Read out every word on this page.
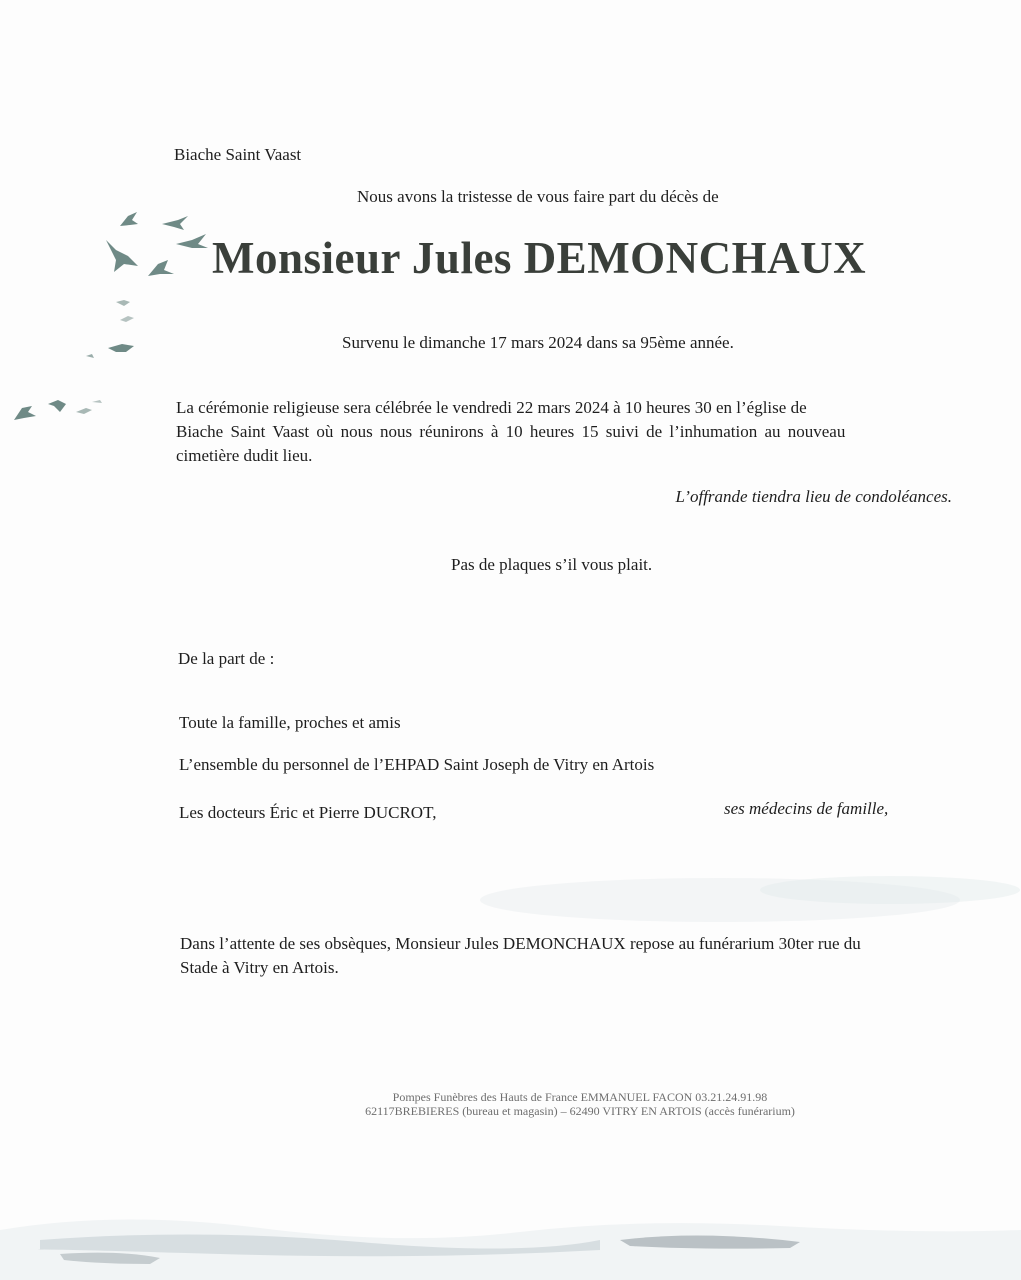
Biache Saint Vaast
Nous avons la tristesse de vous faire part du décès de
Monsieur Jules DEMONCHAUX
Survenu le dimanche 17 mars 2024 dans sa 95ème année.
La cérémonie religieuse sera célébrée le vendredi 22 mars 2024 à 10 heures 30 en l’église de
Biache Saint Vaast où nous nous réunirons à 10 heures 15 suivi de l’inhumation au nouveau
cimetière dudit lieu.
L’offrande tiendra lieu de condoléances.
Pas de plaques s’il vous plait.
De la part de :
Toute la famille, proches et amis
L’ensemble du personnel de l’EHPAD Saint Joseph de Vitry en Artois
Les docteurs Éric et Pierre DUCROT,	ses médecins de famille,
Dans l’attente de ses obsèques, Monsieur Jules DEMONCHAUX repose au funérarium 30ter rue du
Stade à Vitry en Artois.
Pompes Funèbres des Hauts de France EMMANUEL FACON 03.21.24.91.98
62117BREBIERES (bureau et magasin) – 62490 VITRY EN ARTOIS (accès funérarium)
